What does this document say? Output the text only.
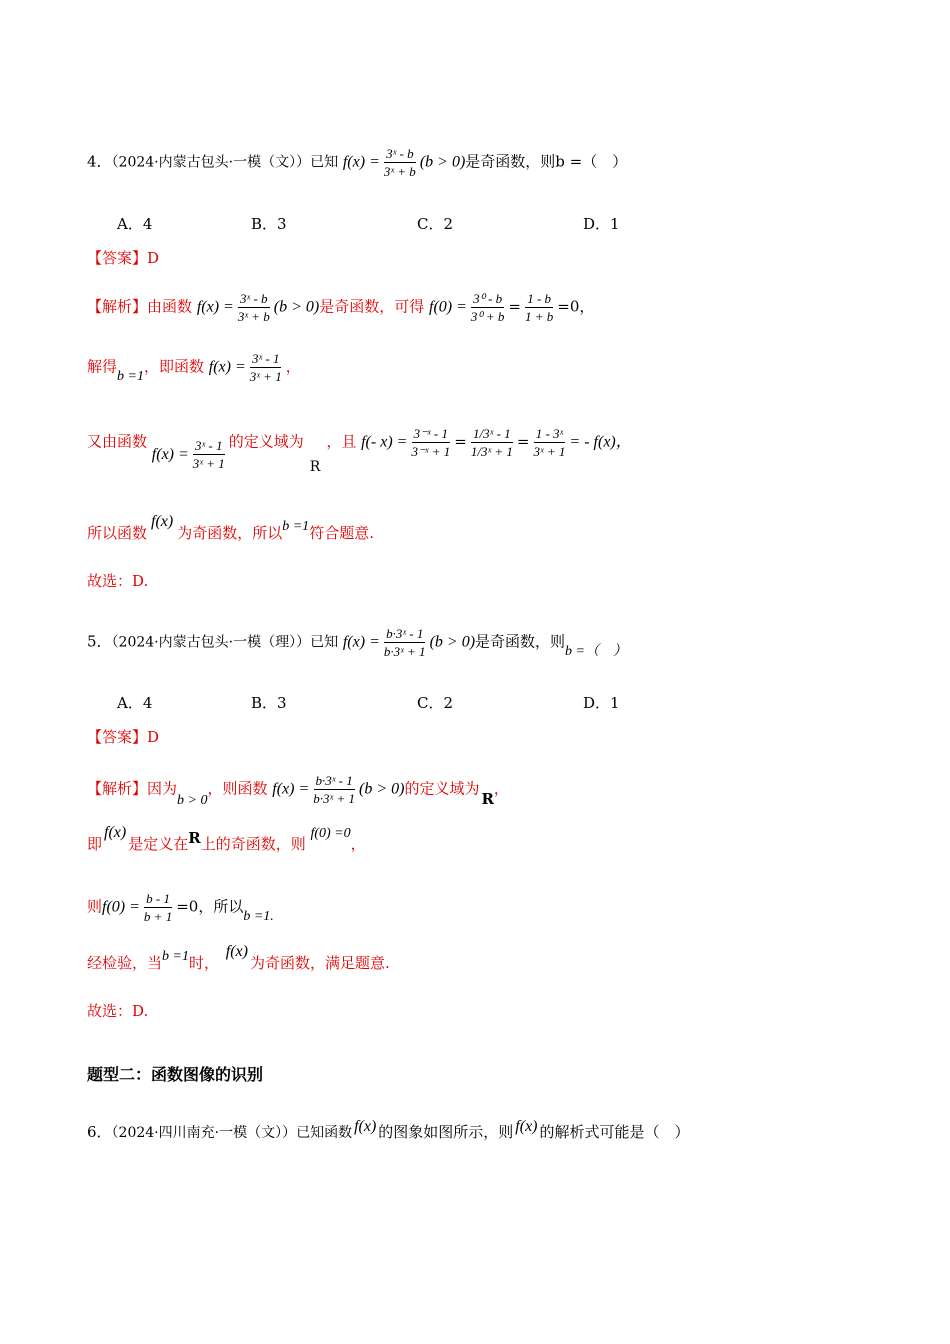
4．（2024·内蒙古包头·一模（文））已知 $f(x) = \frac{\text{3ˣ - b}}{\text{3ˣ + b}} (b > 0)$是奇函数，则b =（　）
A．4	B．3	C．2	D．1
【答案】D
【解析】由函数 $f(x) = \frac{\text{3ˣ - b}}{\text{3ˣ + b}} (b > 0)$是奇函数，可得 $f(0) = \frac{\text{3⁰ - b}}{\text{3⁰ + b}} = \frac{1 - b}{1 + b} =0$，
解得b =1，即函数 $f(x) = \frac{\text{3ˣ - 1}}{\text{3ˣ + 1}}$ ，
又由函数 $f(x) = \frac{\text{3ˣ - 1}}{\text{3ˣ + 1}}$ 的定义域为R，且 f(- $x) = \frac{\text{3⁻ˣ - 1}}{\text{3⁻ˣ + 1}} = \frac{\text{1/3ˣ - 1}}{\text{1/3ˣ + 1}} = \frac{\text{1 - 3ˣ}}{\text{3ˣ + 1}}$ = - f(x)，
所以函数f(x)为奇函数，所以b =1符合题意.
故选：D.
5．（2024·内蒙古包头·一模（理））已知 $f(x) = \frac{\text{b·3ˣ - 1}}{\text{b·3ˣ + 1}} (b > 0)$是奇函数，则b =（　）
A．4	B．3	C．2	D．1
【答案】D
【解析】因为b > 0，则函数 $f(x) = \frac{\text{b·3ˣ - 1}}{\text{b·3ˣ + 1}} (b > 0)$的定义域为R，
即f(x)是定义在R上的奇函数，则 f(0) =0，
则$f(0) = \frac{b - 1}{b + 1} =0$，所以b =1.
经检验，当b =1时， f(x)为奇函数，满足题意.
故选：D.
题型二：函数图像的识别
6．（2024·四川南充·一模（文））已知函数 f(x) 的图象如图所示，则 f(x) 的解析式可能是（　）
